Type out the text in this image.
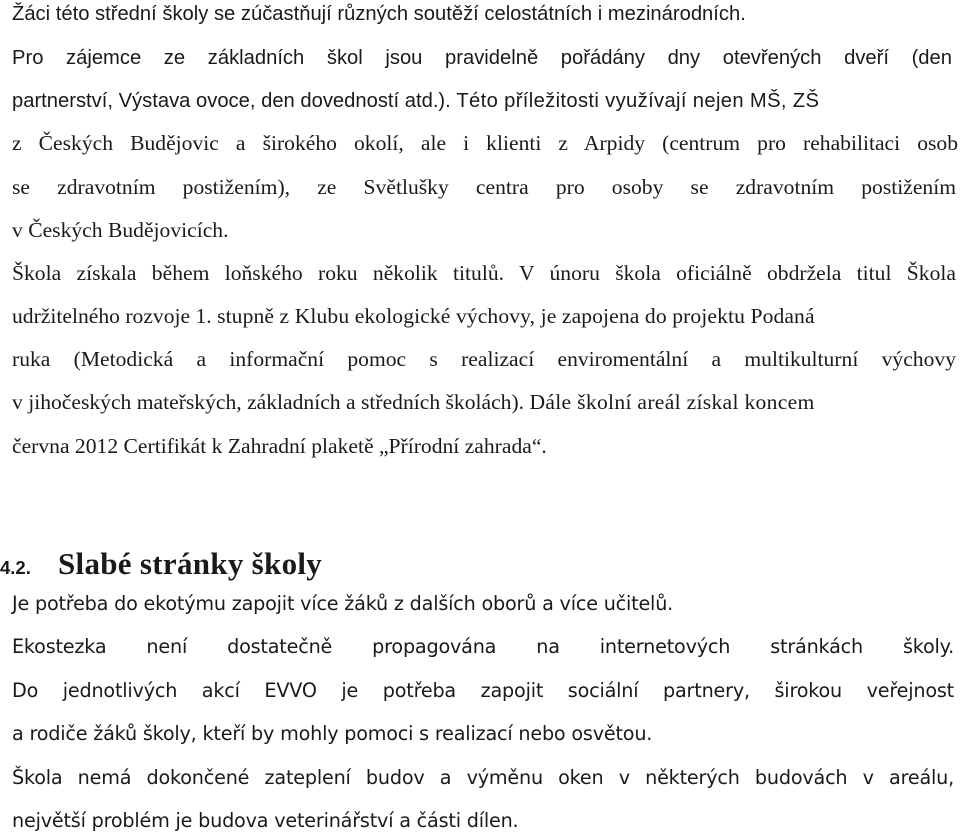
Žáci této střední školy se zúčastňují různých soutěží celostátních i mezinárodních.
Pro zájemce ze základních škol jsou pravidelně pořádány dny otevřených dveří (den
partnerství, Výstava ovoce, den dovedností atd.). Této příležitosti využívají nejen MŠ, ZŠ
z Českých Budějovic a širokého okolí, ale i klienti z Arpidy (centrum pro rehabilitaci osob
se zdravotním postižením), ze Světlušky centra pro osoby se zdravotním postižením
v Českých Budějovicích.
Škola získala během loňského roku několik titulů. V únoru škola oficiálně obdržela titul Škola
udržitelného rozvoje 1. stupně z Klubu ekologické výchovy, je zapojena do projektu Podaná
ruka (Metodická a informační pomoc s realizací enviromentální a multikulturní výchovy
v jihočeských mateřských, základních a středních školách). Dále školní areál získal koncem
června 2012 Certifikát k Zahradní plaketě „Přírodní zahrada“.
4.2. Slabé stránky školy
Je potřeba do ekotýmu zapojit více žáků z dalších oborů a více učitelů.
Ekostezka není dostatečně propagována na internetových stránkách školy.
Do jednotlivých akcí EVVO je potřeba zapojit sociální partnery, širokou veřejnost
a rodiče žáků školy, kteří by mohly pomoci s realizací nebo osvětou.
Škola nemá dokončené zateplení budov a výměnu oken v některých budovách v areálu,
největší problém je budova veterinářství a části dílen.
